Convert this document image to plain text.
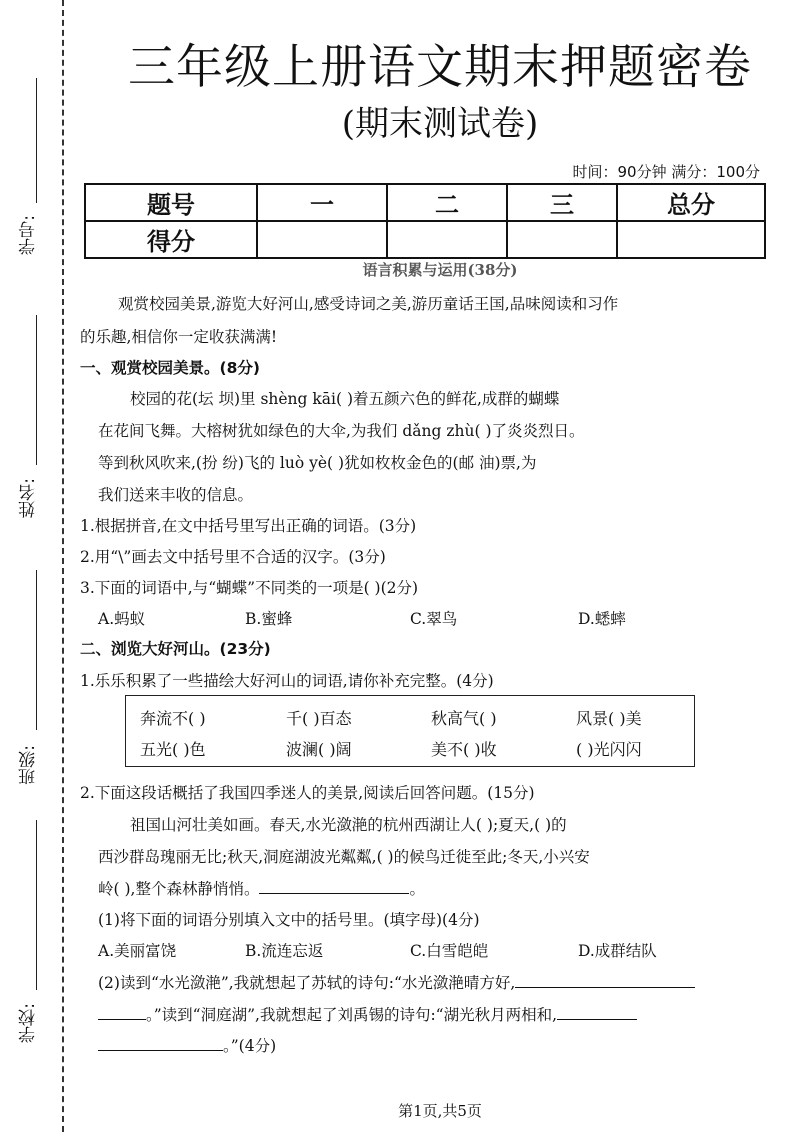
学号:
姓名:
班级:
学校:
三年级上册语文期末押题密卷
(期末测试卷)
时间：90分钟 满分：100分
题号	一	二	三	总分
得分				
语言积累与运用(38分)
观赏校园美景,游览大好河山,感受诗词之美,游历童话王国,品味阅读和习作
的乐趣,相信你一定收获满满!
一、观赏校园美景。(8分)
校园的花(坛 坝)里 shèng kāi( )着五颜六色的鲜花,成群的蝴蝶
在花间飞舞。大榕树犹如绿色的大伞,为我们 dǎng zhù( )了炎炎烈日。
等到秋风吹来,(扮 纷)飞的 luò yè( )犹如枚枚金色的(邮 油)票,为
我们送来丰收的信息。
1.根据拼音,在文中括号里写出正确的词语。(3分)
2.用“\”画去文中括号里不合适的汉字。(3分)
3.下面的词语中,与“蝴蝶”不同类的一项是( )(2分)
A.蚂蚁	B.蜜蜂	C.翠鸟	D.蟋蟀
二、浏览大好河山。(23分)
1.乐乐积累了一些描绘大好河山的词语,请你补充完整。(4分)
奔流不( )	千( )百态	秋高气( )	风景( )美
五光( )色	波澜( )阔	美不( )收	( )光闪闪
2.下面这段话概括了我国四季迷人的美景,阅读后回答问题。(15分)
祖国山河壮美如画。春天,水光潋滟的杭州西湖让人( );夏天,( )的
西沙群岛瑰丽无比;秋天,洞庭湖波光粼粼,( )的候鸟迁徙至此;冬天,小兴安
岭( ),整个森林静悄悄。	。
(1)将下面的词语分别填入文中的括号里。(填字母)(4分)
A.美丽富饶	B.流连忘返	C.白雪皑皑	D.成群结队
(2)读到“水光潋滟”,我就想起了苏轼的诗句:“水光潋滟晴方好,
。”读到“洞庭湖”,我就想起了刘禹锡的诗句:“湖光秋月两相和,
。”(4分)
第1页,共5页
